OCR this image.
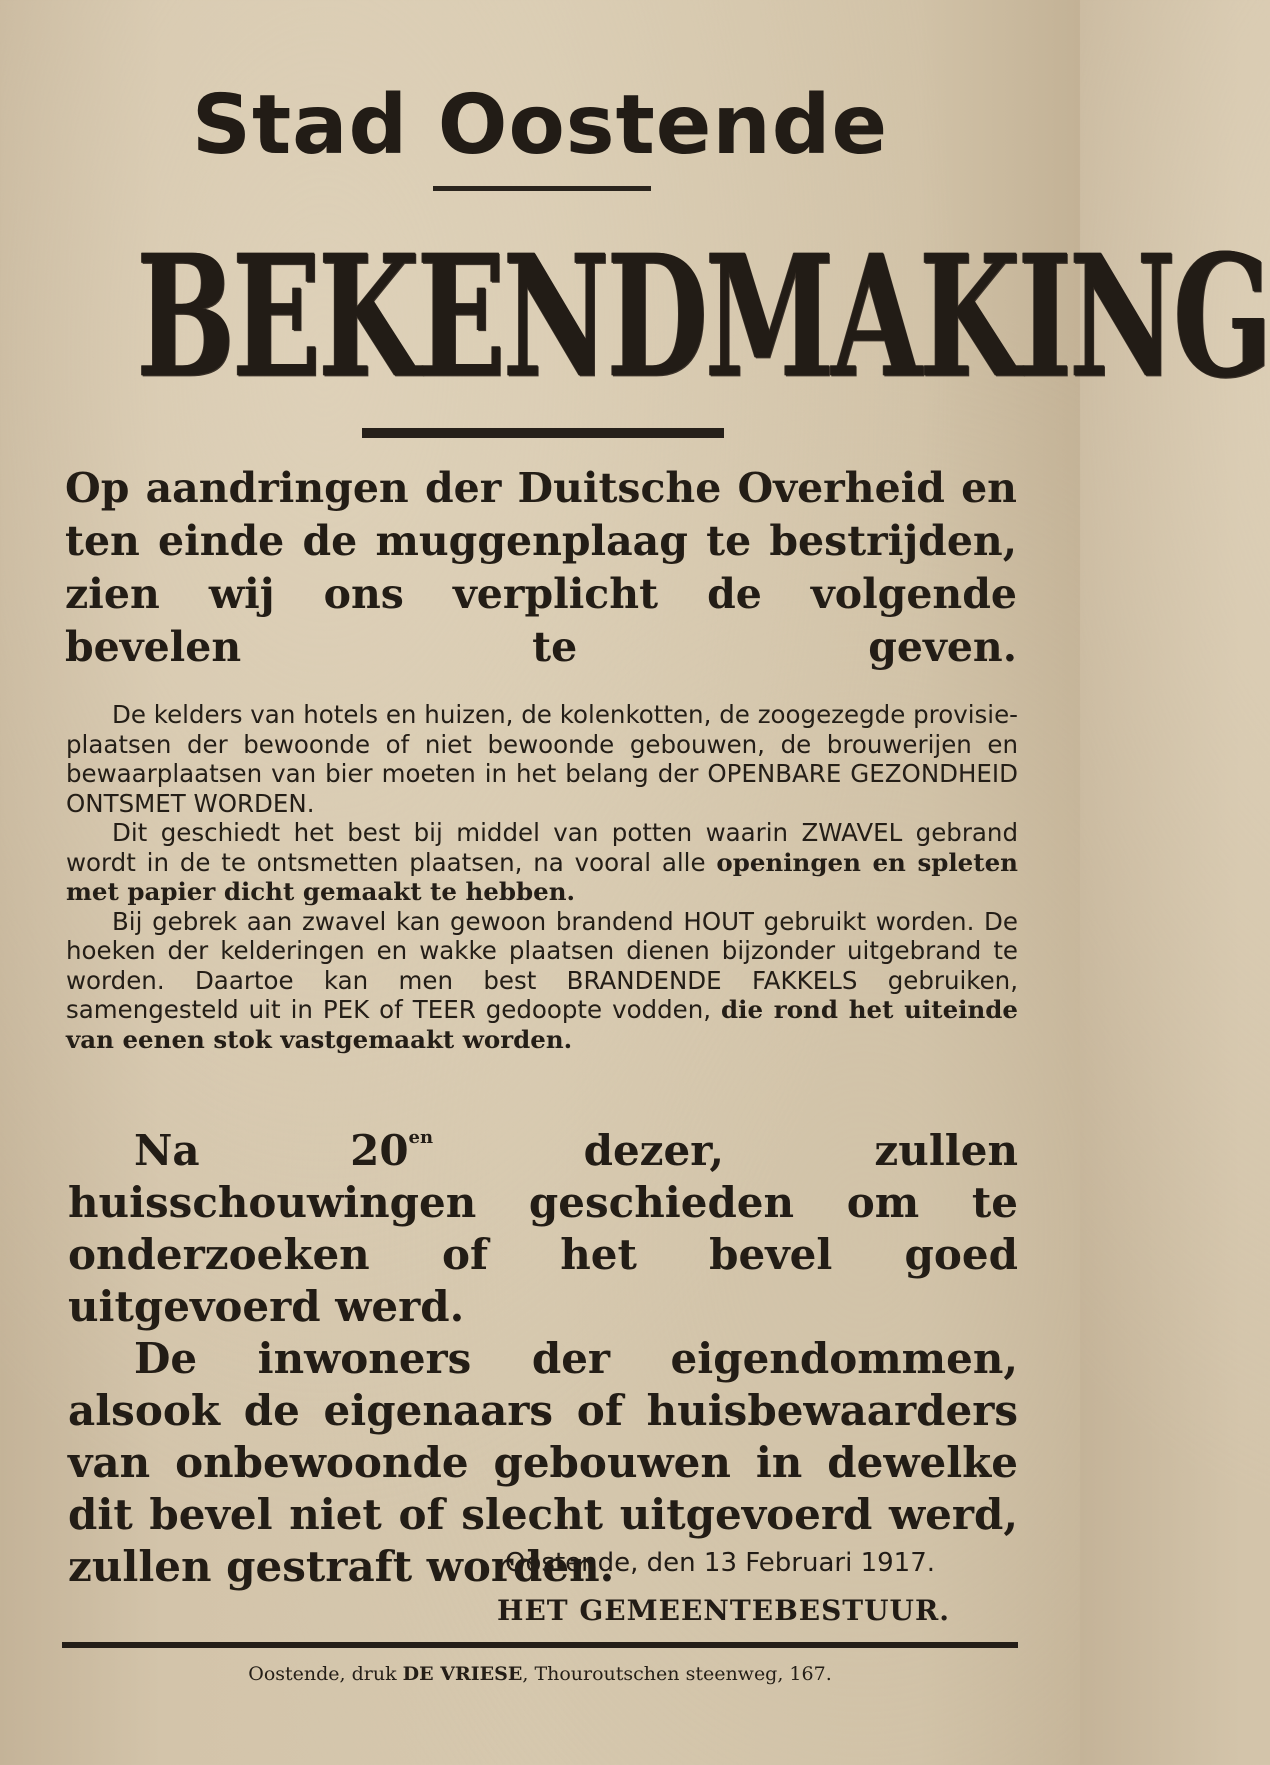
Stad Oostende
BEKENDMAKING
Op aandringen der Duitsche Overheid en ten einde de muggenplaag te bestrijden, zien wij ons verplicht de volgende bevelen te geven.

De kelders van hotels en huizen, de kolenkotten, de zoogezegde provisie-plaatsen der bewoonde of niet bewoonde gebouwen, de brouwerijen en bewaarplaatsen van bier moeten in het belang der OPENBARE GEZONDHEID ONTSMET WORDEN.

Dit geschiedt het best bij middel van potten waarin ZWAVEL gebrand wordt in de te ontsmetten plaatsen, na vooral alle openingen en spleten met papier dicht gemaakt te hebben.

Bij gebrek aan zwavel kan gewoon brandend HOUT gebruikt worden. De hoeken der kelderingen en wakke plaatsen dienen bijzonder uitgebrand te worden. Daartoe kan men best BRANDENDE FAKKELS gebruiken, samengesteld uit in PEK of TEER gedoopte vodden, die rond het uiteinde van eenen stok vastgemaakt worden.

Na $20^{en}$ dezer, zullen huisschouwingen geschieden om te onderzoeken of het bevel goed uitgevoerd werd.

De inwoners der eigendommen, alsook de eigenaars of huisbewaarders van onbewoonde gebouwen in dewelke dit bevel niet of slecht uitgevoerd werd, zullen gestraft worden.

Oostende, den 13 Februari 1917.
HET GEMEENTEBESTUUR.
Oostende, druk DE VRIESE, Thouroutschen steenweg, 167.
